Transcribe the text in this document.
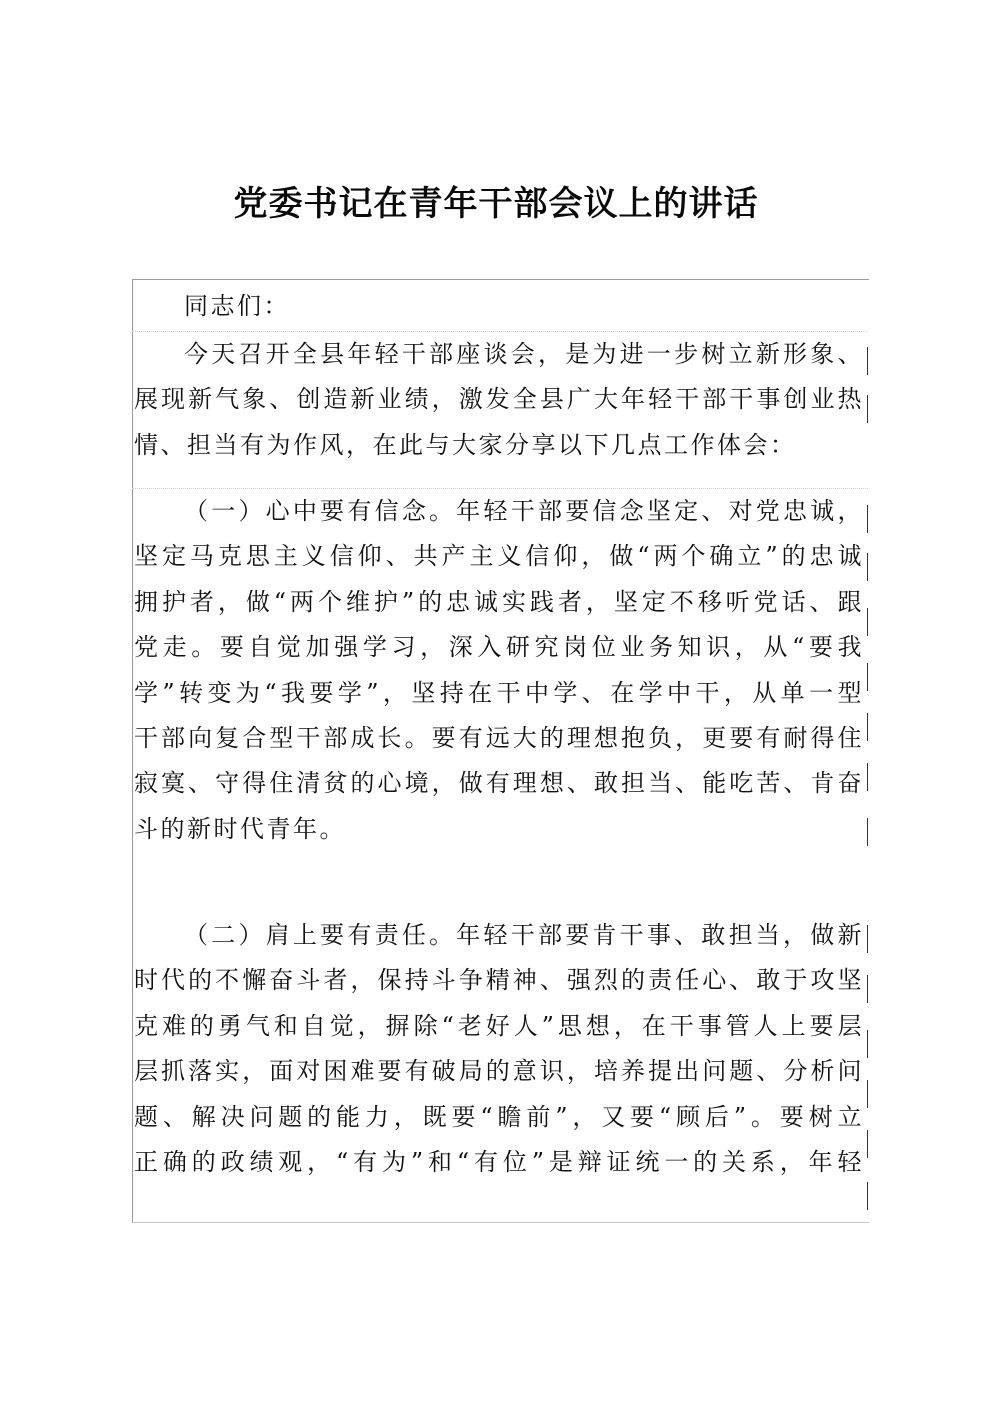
党委书记在青年干部会议上的讲话
同志们：
今天召开全县年轻干部座谈会，是为进一步树立新形象、
展现新气象、创造新业绩，激发全县广大年轻干部干事创业热
情、担当有为作风，在此与大家分享以下几点工作体会：
（一）心中要有信念。年轻干部要信念坚定、对党忠诚，
坚定马克思主义信仰、共产主义信仰，做“两个确立”的忠诚
拥护者，做“两个维护”的忠诚实践者，坚定不移听党话、跟
党走。要自觉加强学习，深入研究岗位业务知识，从“要我
学”转变为“我要学”，坚持在干中学、在学中干，从单一型
干部向复合型干部成长。要有远大的理想抱负，更要有耐得住
寂寞、守得住清贫的心境，做有理想、敢担当、能吃苦、肯奋
斗的新时代青年。
（二）肩上要有责任。年轻干部要肯干事、敢担当，做新
时代的不懈奋斗者，保持斗争精神、强烈的责任心、敢于攻坚
克难的勇气和自觉，摒除“老好人”思想，在干事管人上要层
层抓落实，面对困难要有破局的意识，培养提出问题、分析问
题、解决问题的能力，既要“瞻前”，又要“顾后”。要树立
正确的政绩观，“有为”和“有位”是辩证统一的关系，年轻
